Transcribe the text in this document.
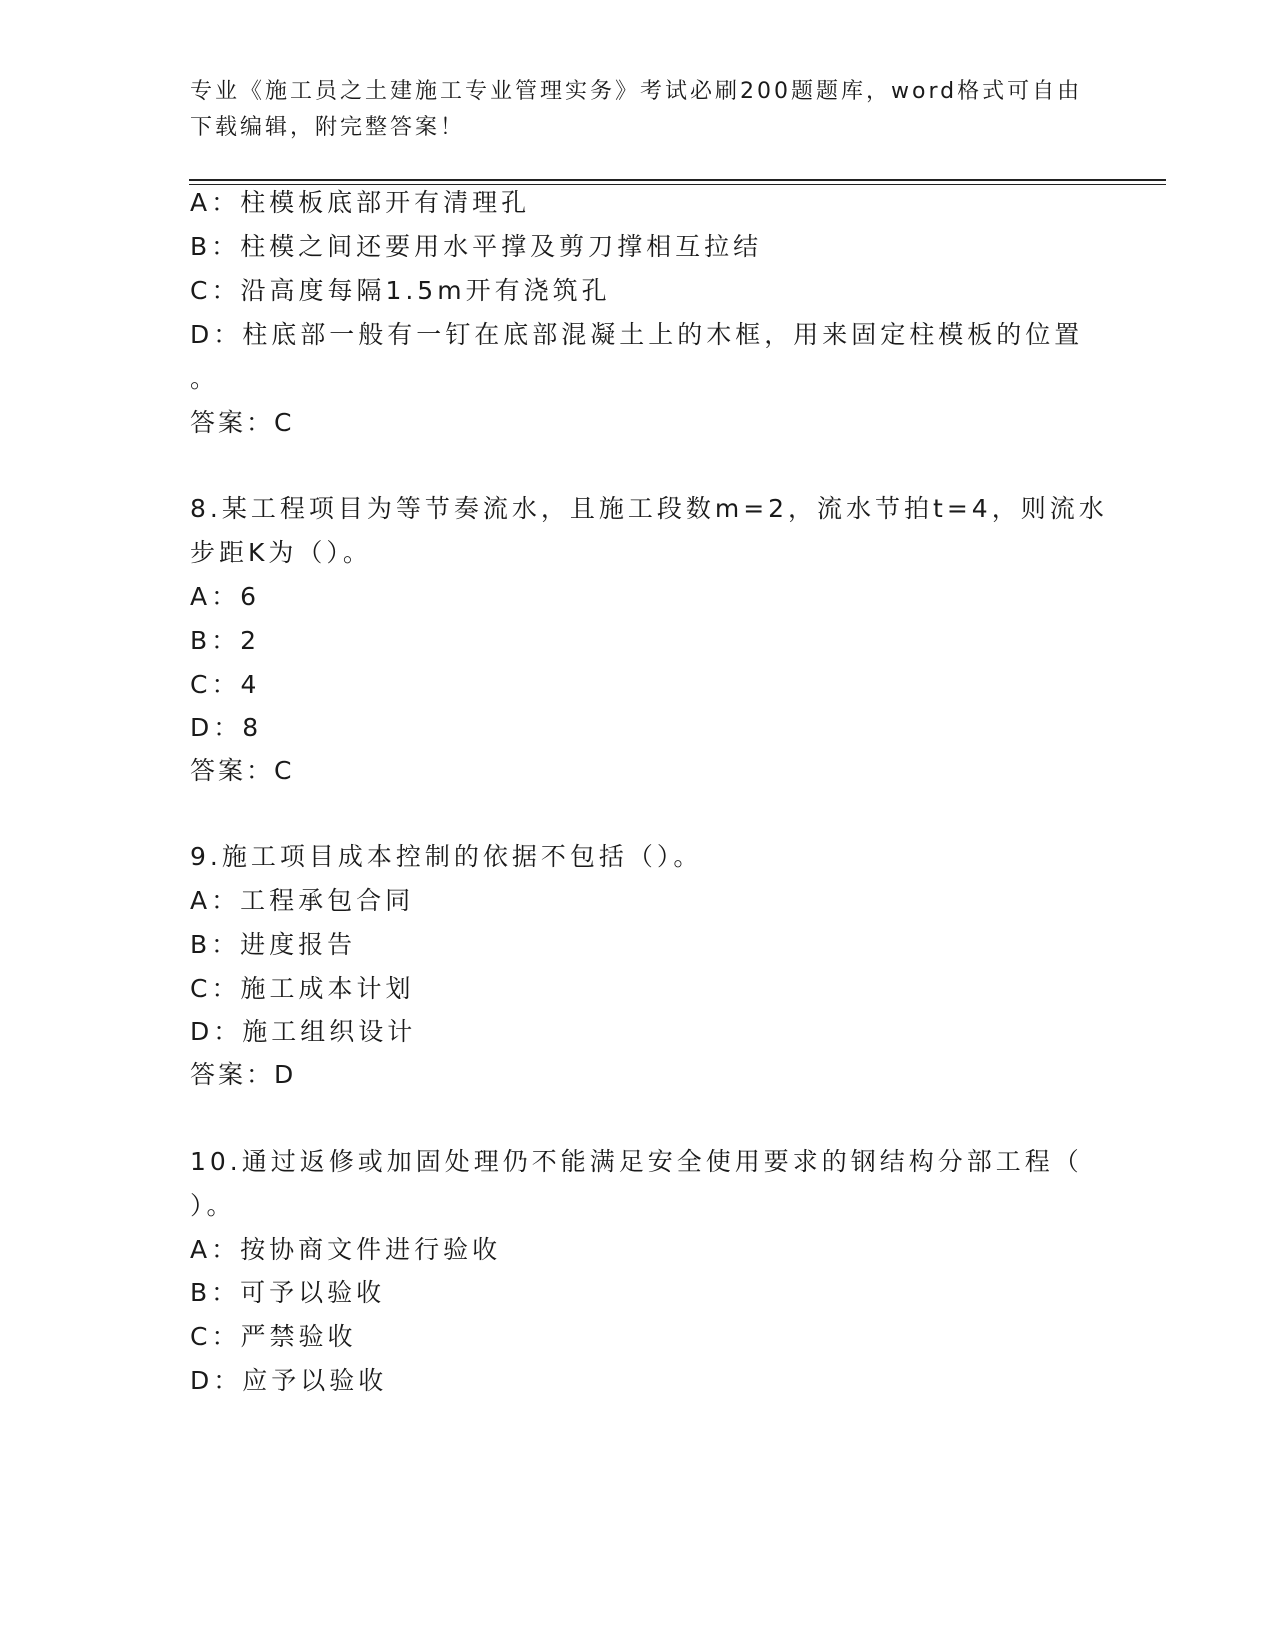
专业《施工员之土建施工专业管理实务》考试必刷200题题库，word格式可自由
下载编辑，附完整答案！
A：柱模板底部开有清理孔
B：柱模之间还要用水平撑及剪刀撑相互拉结
C：沿高度每隔1.5m开有浇筑孔
D：柱底部一般有一钉在底部混凝土上的木框，用来固定柱模板的位置
。
答案：C
8.某工程项目为等节奏流水，且施工段数m=2，流水节拍t=4，则流水
步距K为（）。
A：6
B：2
C：4
D：8
答案：C
9.施工项目成本控制的依据不包括（）。
A：工程承包合同
B：进度报告
C：施工成本计划
D：施工组织设计
答案：D
10.通过返修或加固处理仍不能满足安全使用要求的钢结构分部工程（
）。
A：按协商文件进行验收
B：可予以验收
C：严禁验收
D：应予以验收
